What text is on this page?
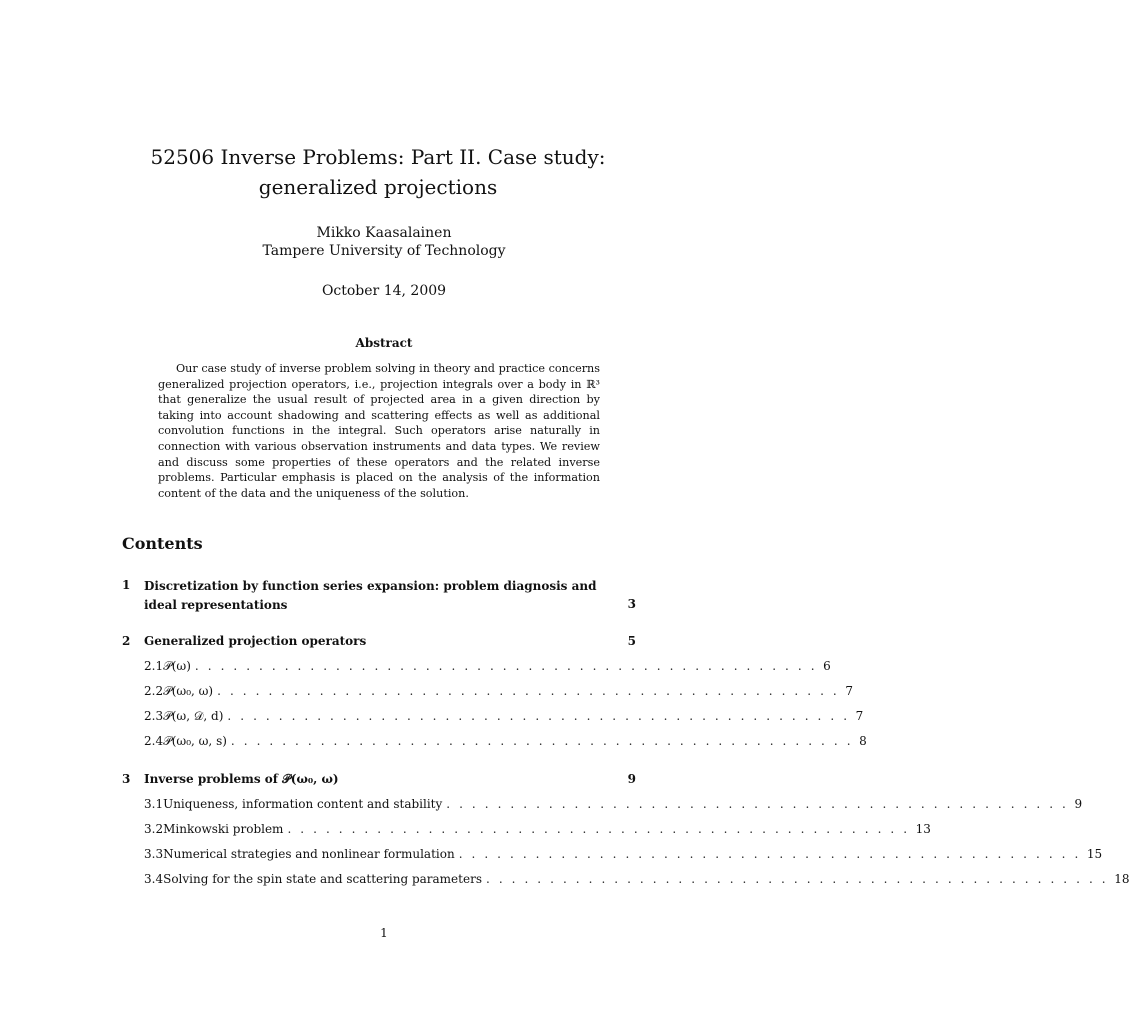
52506 Inverse Problems: Part II. Case study: generalized projections
Mikko Kaasalainen
Tampere University of Technology
October 14, 2009
Abstract

Our case study of inverse problem solving in theory and practice concerns generalized projection operators, i.e., projection integrals over a body in ℝ³ that generalize the usual result of projected area in a given direction by taking into account shadowing and scattering effects as well as additional convolution functions in the integral. Such operators arise naturally in connection with various observation instruments and data types. We review and discuss some properties of these operators and the related inverse problems. Particular emphasis is placed on the analysis of the information content of the data and the uniqueness of the solution.

Contents
1	Discretization by function series expansion: problem diagnosis and ideal representations	3
2	Generalized projection operators	5
2.1 𝒫(ω) . . . . . . . . . . . . . . . . . . . . . . . . . . . . . . . . . . . . . . . . . . . . . . . . . 6
2.2 𝒫(ω₀, ω) . . . . . . . . . . . . . . . . . . . . . . . . . . . . . . . . . . . . . . . . . . . . . . . . . 7
2.3 𝒫(ω, 𝒟, d) . . . . . . . . . . . . . . . . . . . . . . . . . . . . . . . . . . . . . . . . . . . . . . . . . 7
2.4 𝒫(ω₀, ω, s) . . . . . . . . . . . . . . . . . . . . . . . . . . . . . . . . . . . . . . . . . . . . . . . . . 8
3	Inverse problems of 𝒫(ω₀, ω)	9
3.1 Uniqueness, information content and stability . . . . . . . . . . . . . . . . . . . . . . . . . . . . . . . . . . . . . . . . . . . . . . . . . 9
3.2 Minkowski problem . . . . . . . . . . . . . . . . . . . . . . . . . . . . . . . . . . . . . . . . . . . . . . . . . 13
3.3 Numerical strategies and nonlinear formulation . . . . . . . . . . . . . . . . . . . . . . . . . . . . . . . . . . . . . . . . . . . . . . . . . 15
3.4 Solving for the spin state and scattering parameters . . . . . . . . . . . . . . . . . . . . . . . . . . . . . . . . . . . . . . . . . . . . . . . . . 18
1
